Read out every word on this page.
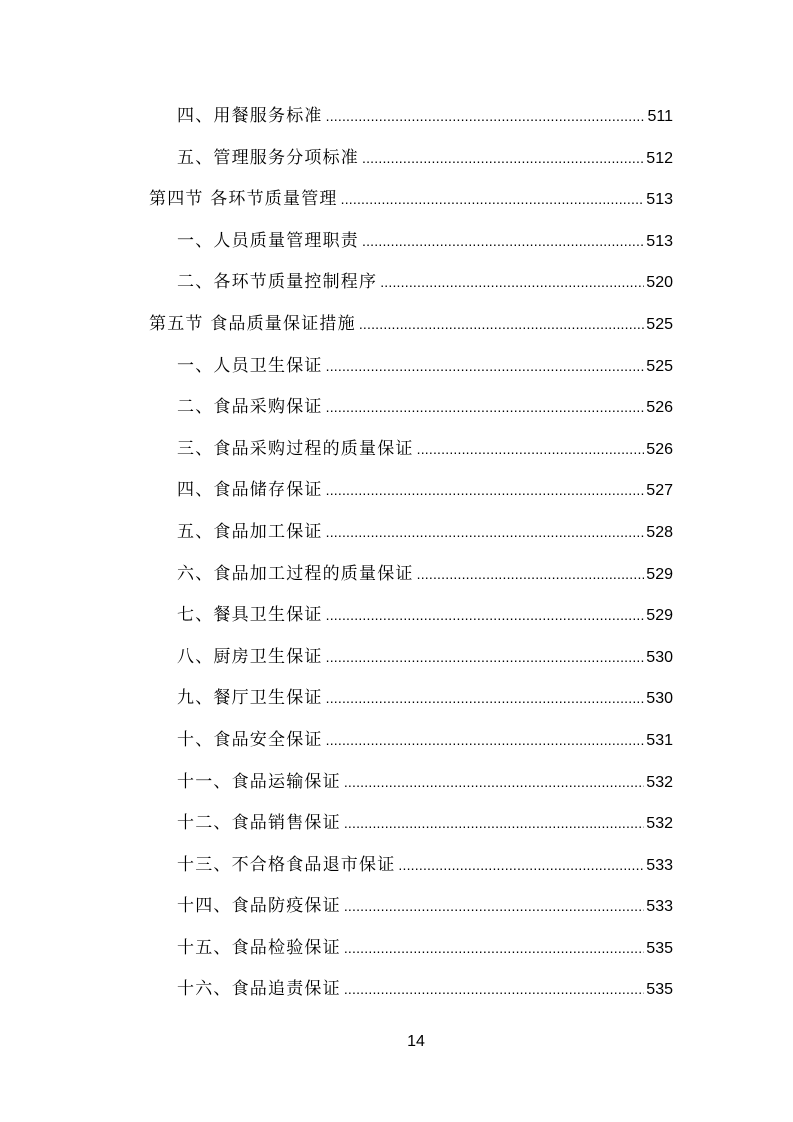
四、用餐服务标准 .....	511
五、管理服务分项标准 .....	512
第四节 各环节质量管理 .....	513
一、人员质量管理职责 .....	513
二、各环节质量控制程序 .....	520
第五节 食品质量保证措施 .....	525
一、人员卫生保证 .....	525
二、食品采购保证 .....	526
三、食品采购过程的质量保证 .....	526
四、食品储存保证 .....	527
五、食品加工保证 .....	528
六、食品加工过程的质量保证 .....	529
七、餐具卫生保证 .....	529
八、厨房卫生保证 .....	530
九、餐厅卫生保证 .....	530
十、食品安全保证 .....	531
十一、食品运输保证 .....	532
十二、食品销售保证 .....	532
十三、不合格食品退市保证 .....	533
十四、食品防疫保证 .....	533
十五、食品检验保证 .....	535
十六、食品追责保证 .....	535
14
